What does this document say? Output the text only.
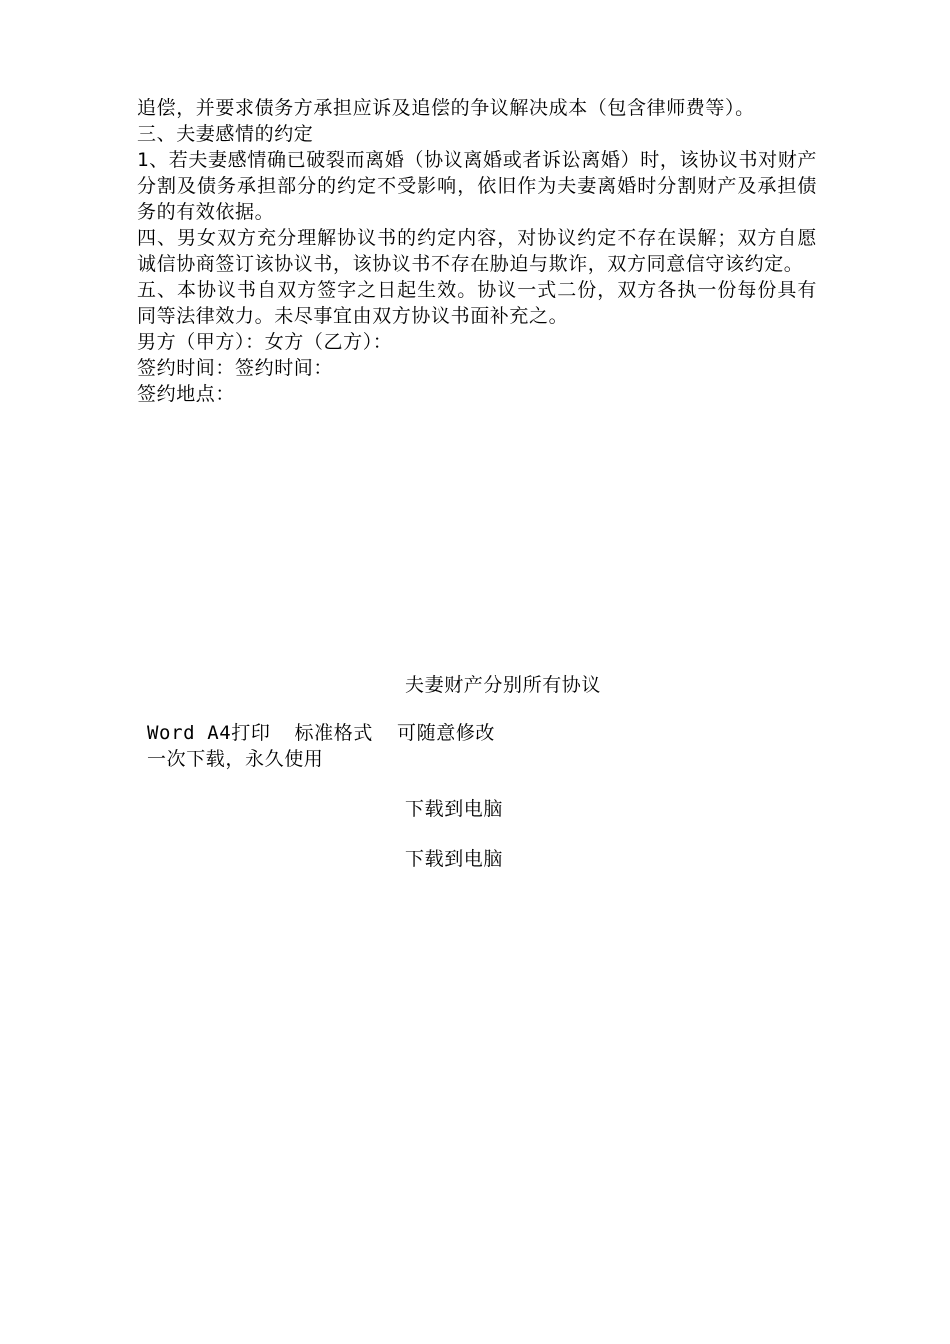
追偿，并要求债务方承担应诉及追偿的争议解决成本（包含律师费等）。

三、夫妻感情的约定

1、若夫妻感情确已破裂而离婚（协议离婚或者诉讼离婚）时，该协议书对财产分割及债务承担部分的约定不受影响，依旧作为夫妻离婚时分割财产及承担债务的有效依据。

四、男女双方充分理解协议书的约定内容，对协议约定不存在误解；双方自愿诚信协商签订该协议书，该协议书不存在胁迫与欺诈，双方同意信守该约定。

五、本协议书自双方签字之日起生效。协议一式二份，双方各执一份每份具有同等法律效力。未尽事宜由双方协议书面补充之。

男方（甲方）：女方（乙方）：

签约时间：签约时间：

签约地点：

夫妻财产分别所有协议
Word A4打印  标准格式  可随意修改
一次下载，永久使用
下载到电脑
下载到电脑
